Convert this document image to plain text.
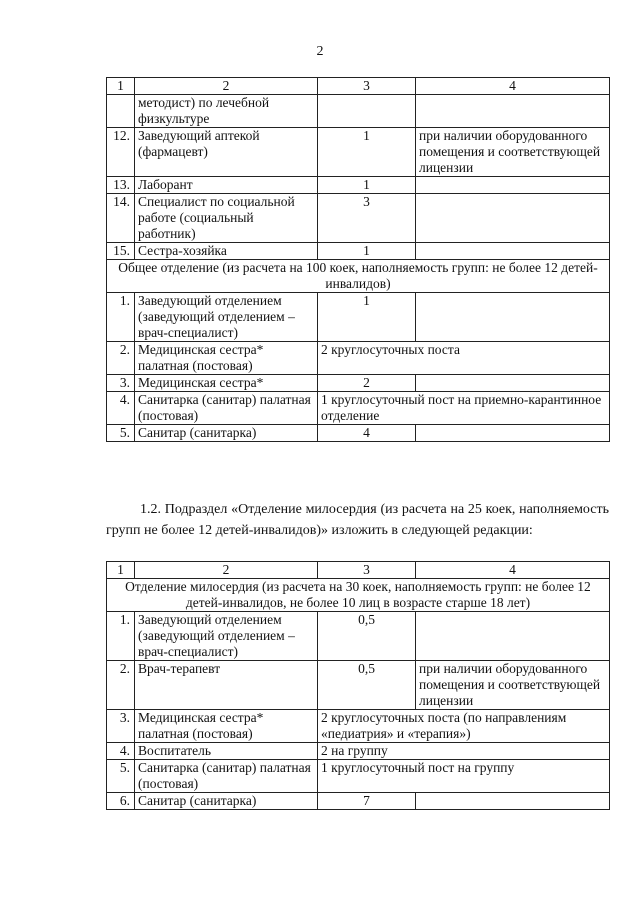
2
1	2	3	4
	методист) по лечебной физкультуре		
12.	Заведующий аптекой (фармацевт)	1	при наличии оборудованного помещения и соответствующей лицензии
13.	Лаборант	1	
14.	Специалист по социальной работе (социальный работник)	3	
15.	Сестра-хозяйка	1	
Общее отделение (из расчета на 100 коек, наполняемость групп: не более 12 детей-инвалидов)			
1.	Заведующий отделением (заведующий отделением – врач-специалист)	1	
2.	Медицинская сестра* палатная (постовая)	2 круглосуточных поста	
3.	Медицинская сестра*	2	
4.	Санитарка (санитар) палатная (постовая)	1 круглосуточный пост на приемно-карантинное отделение	
5.	Санитар (санитарка)	4	

1.2. Подраздел «Отделение милосердия (из расчета на 25 коек, наполняемость групп не более 12 детей-инвалидов)» изложить в следующей редакции:

1	2	3	4
Отделение милосердия (из расчета на 30 коек, наполняемость групп: не более 12 детей-инвалидов, не более 10 лиц в возрасте старше 18 лет)			
1.	Заведующий отделением (заведующий отделением – врач-специалист)	0,5	
2.	Врач-терапевт	0,5	при наличии оборудованного помещения и соответствующей лицензии
3.	Медицинская сестра* палатная (постовая)	2 круглосуточных поста (по направлениям «педиатрия» и «терапия»)	
4.	Воспитатель	2 на группу	
5.	Санитарка (санитар) палатная (постовая)	1 круглосуточный пост на группу	
6.	Санитар (санитарка)	7	
